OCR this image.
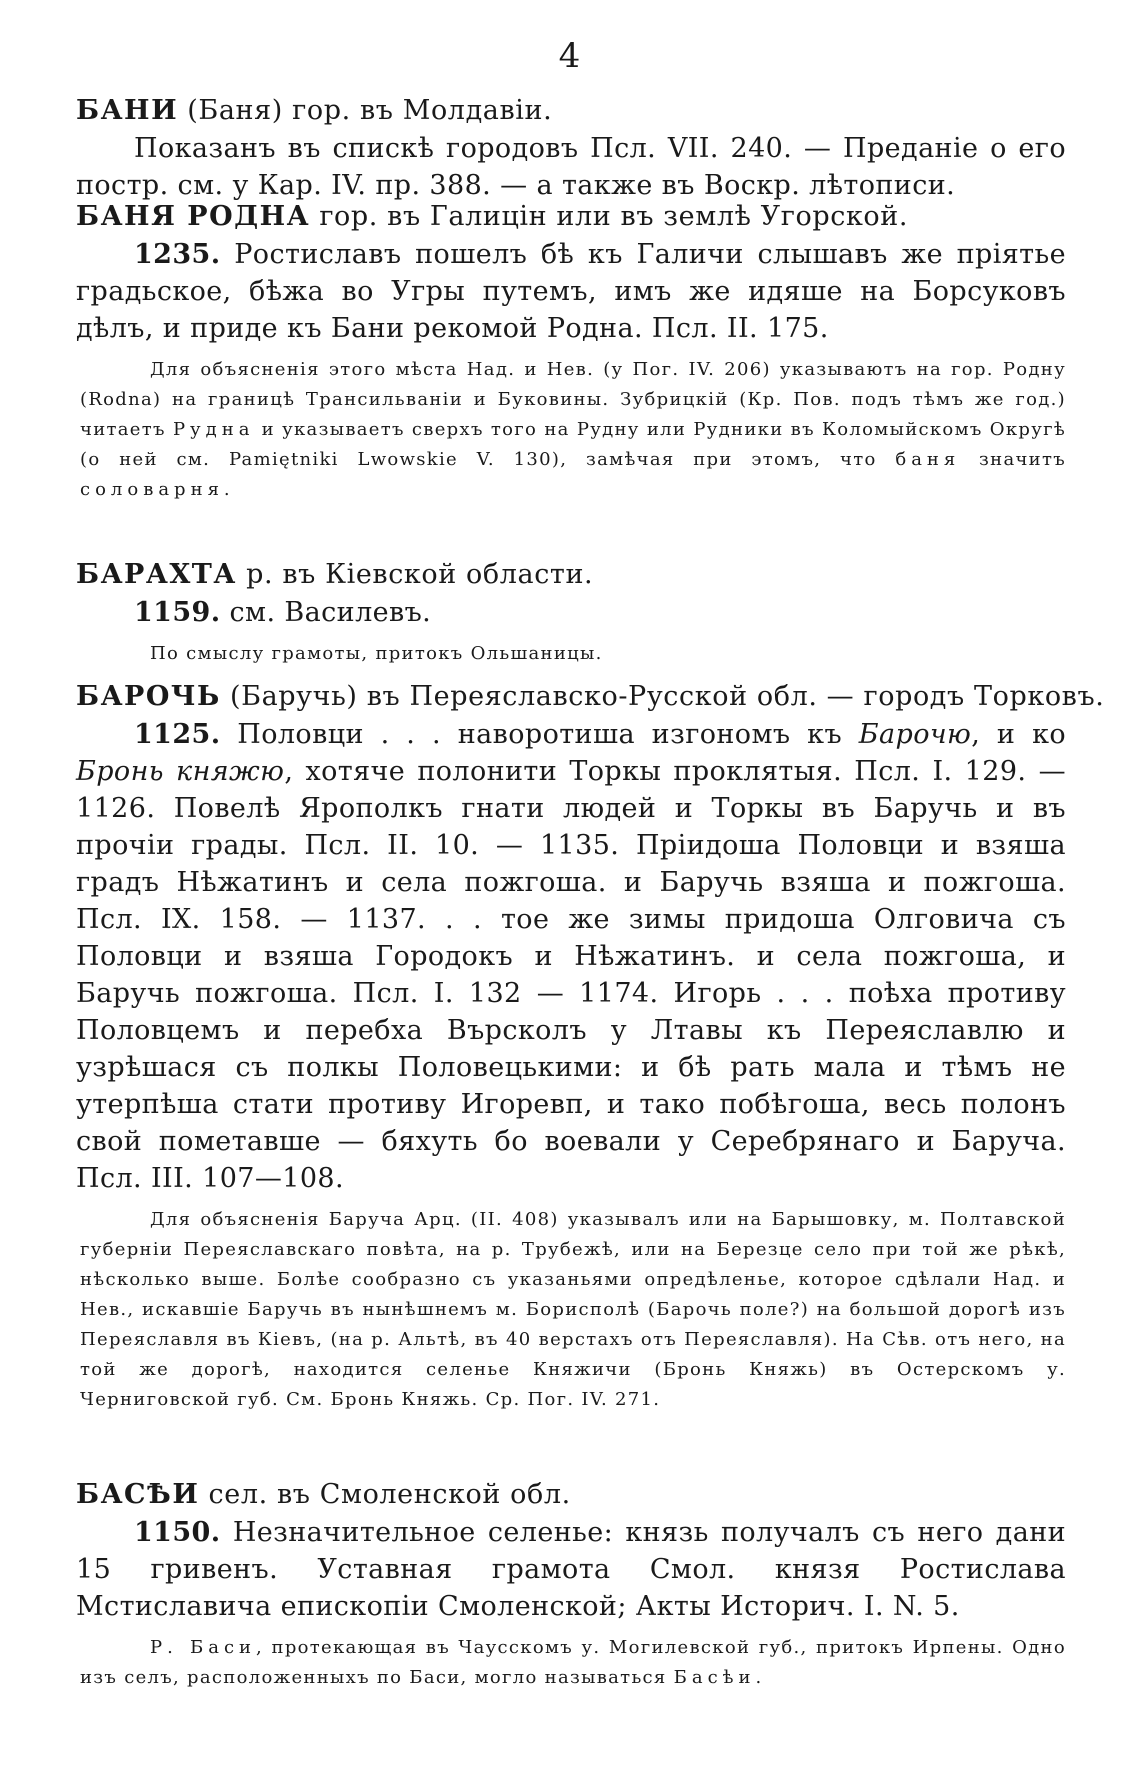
4
БАНИ (Баня) гор. въ Молдавіи.

Показанъ въ спискѣ городовъ Пcл. VII. 240. — Преданіе о его постр. см. у Кар. IV. пр. 388. — а также въ Воскр. лѣтописи.

БАНЯ РОДНА гор. въ Галицін или въ землѣ Угорской.

1235. Ростиславъ пошелъ бѣ къ Галичи слышавъ же пріятье градьское, бѣжа во Угры путемъ, имъ же идяше на Борсуковъ дѣлъ, и приде къ Бани рекомой Родна. Пcл. II. 175.

Для объясненія этого мѣста Над. и Нев. (у Пог. IV. 206) указываютъ на гор. Родну (Rodna) на границѣ Трансильваніи и Буковины. Зубрицкій (Кр. Пов. подъ тѣмъ же год.) читаетъ Рудна и указываетъ сверхъ того на Рудну или Рудники въ Коломыйскомъ Округѣ (о ней см. Pamiętniki Lwowskie V. 130), замѣчая при этомъ, что баня значитъ соловарня.

БАРАХТА р. въ Кіевской области.

1159. см. Василевъ.

По смыслу грамоты, притокъ Ольшаницы.

БАРОЧЬ (Баручь) въ Переяславско-Русской обл. — городъ Торковъ.

1125. Половци . . . наворотиша изгономъ къ Барочю, и ко Бронь княжю, хотяче полонити Торкы проклятыя. Пcл. I. 129. — 1126. Повелѣ Ярополкъ гнати людей и Торкы въ Баручь и въ прочіи грады. Пcл. II. 10. — 1135. Пріидоша Половци и взяша градъ Нѣжатинъ и села пожгоша. и Баручь взяша и пожгоша. Пcл. IX. 158. — 1137. . . тое же зимы придоша Олговича съ Половци и взяша Городокъ и Нѣжатинъ. и села пожгоша, и Баручь пожгоша. Пcл. I. 132 — 1174. Игорь . . . поѣха противу Половцемъ и перебха Върсколъ у Лтавы къ Переяславлю и узрѣшася съ полкы Половецькими: и бѣ рать мала и тѣмъ не утерпѣша стати противу Игоревп, и тако побѣгоша, весь полонъ свой пометавше — бяхуть бо воевали у Серебрянаго и Баруча. Пcл. III. 107—108.

Для объясненія Баруча Арц. (II. 408) указывалъ или на Барышовку, м. Полтавской губерніи Переяславскаго повѣта, на р. Трубежѣ, или на Березце село при той же рѣкѣ, нѣсколько выше. Болѣе сообразно съ указаньями опредѣленье, которое сдѣлали Над. и Нев., искавшіе Баручь въ нынѣшнемъ м. Борисполѣ (Барочь поле?) на большой дорогѣ изъ Переяславля въ Кіевъ, (на р. Альтѣ, въ 40 верстахъ отъ Переяславля). На Сѣв. отъ него, на той же дорогѣ, находится селенье Княжичи (Бронь Княжь) въ Остерскомъ у. Черниговской губ. См. Бронь Княжь. Ср. Пог. IV. 271.

БАСѢИ сел. въ Смоленской обл.

1150. Незначительное селенье: князь получалъ съ него дани 15 гривенъ. Уставная грамота Смол. князя Ростислава Мстиславича епископіи Смоленской; Акты Историч. I. N. 5.

Р. Баси, протекающая въ Чаусскомъ у. Могилевской губ., притокъ Ирпены. Одно изъ селъ, расположенныхъ по Баси, могло называться Басѣи.
